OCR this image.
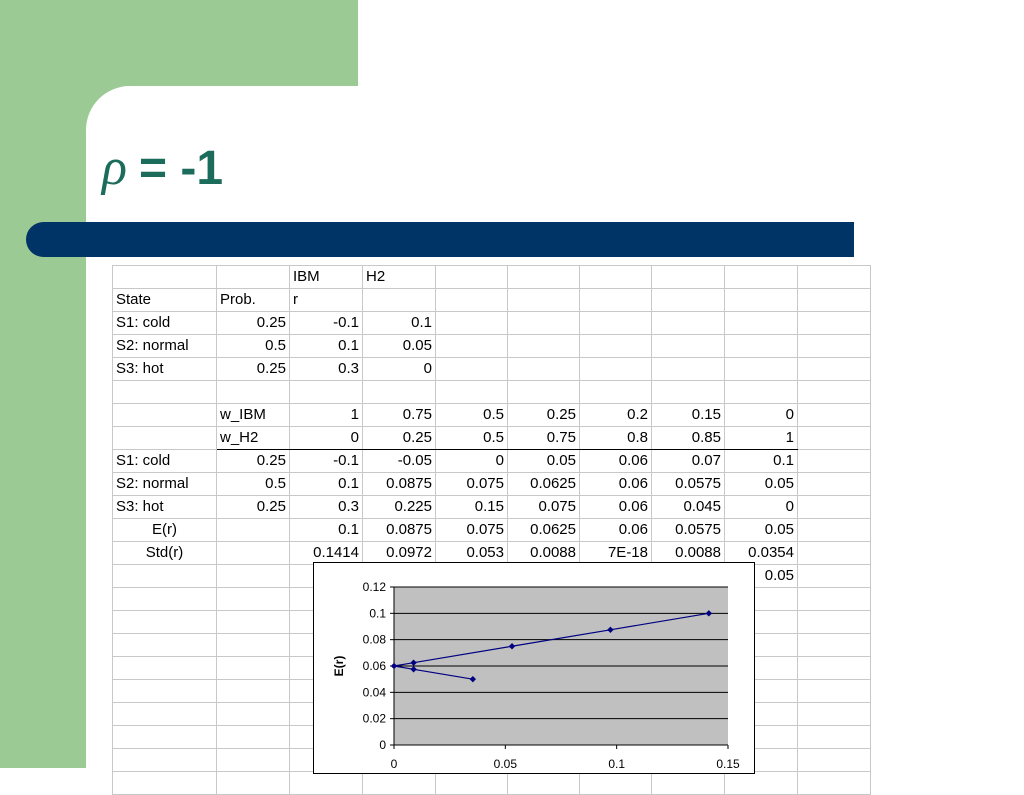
ρ = -1
		IBM	H2						
State	Prob.	r							
S1: cold	0.25	-0.1	0.1						
S2: normal	0.5	0.1	0.05						
S3: hot	0.25	0.3	0						

	w_IBM	1	0.75	0.5	0.25	0.2	0.15	0	
	w_H2	0	0.25	0.5	0.75	0.8	0.85	1	
S1: cold	0.25	-0.1	-0.05	0	0.05	0.06	0.07	0.1	
S2: normal	0.5	0.1	0.0875	0.075	0.0625	0.06	0.0575	0.05	
S3: hot	0.25	0.3	0.225	0.15	0.075	0.06	0.045	0	
E(r)		0.1	0.0875	0.075	0.0625	0.06	0.0575	0.05	
Std(r)		0.1414	0.0972	0.053	0.0088	7E-18	0.0088	0.0354	
								0.05	

0
0.02
0.04
0.06
0.08
0.1
0.12
0	0.05	0.1	0.15
E(r)
